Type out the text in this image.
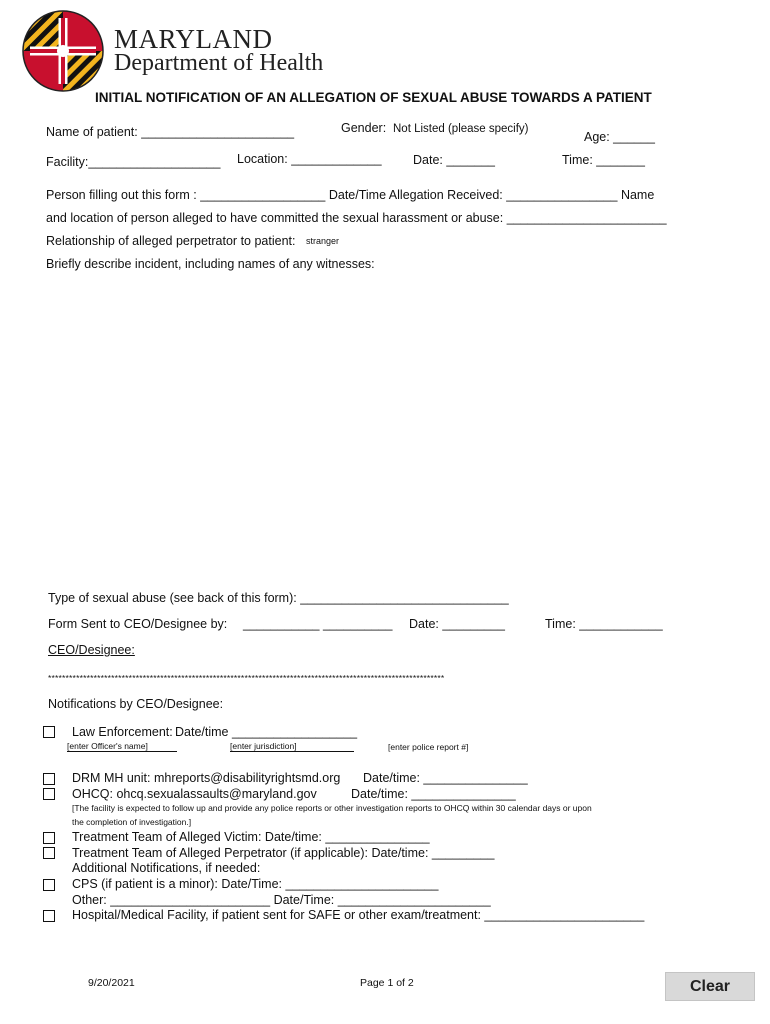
MARYLAND
Department of Health
INITIAL NOTIFICATION OF AN ALLEGATION OF SEXUAL ABUSE TOWARDS A PATIENT
Name of patient: ______________________	Gender: Not Listed (please specify)
Age: ______
Facility:___________________ Location: _____________	Date: _______	Time: _______
Person filling out this form : __________________ Date/Time Allegation Received: ________________ Name
and location of person alleged to have committed the sexual harassment or abuse: _______________________
Relationship of alleged perpetrator to patient: stranger
Briefly describe incident, including names of any witnesses:
Type of sexual abuse (see back of this form): ______________________________
Form Sent to CEO/Designee by: ___________ __________ Date: _________	Time: ____________
CEO/Designee:
*****************************************************************************************************************
Notifications by CEO/Designee:
Law Enforcement: Date/time __________________
[enter Officer's name]	[enter jurisdiction]	[enter police report #]
DRM MH unit: mhreports@disabilityrightsmd.org Date/time: _______________
OHCQ: ohcq.sexualassaults@maryland.gov	Date/time: _______________
[The facility is expected to follow up and provide any police reports or other investigation reports to OHCQ within 30 calendar days or upon
the completion of investigation.]
Treatment Team of Alleged Victim: Date/time: _______________
Treatment Team of Alleged Perpetrator (if applicable): Date/time: _________
Additional Notifications, if needed:
CPS (if patient is a minor): Date/Time: ______________________
Other: _______________________ Date/Time: ______________________
Hospital/Medical Facility, if patient sent for SAFE or other exam/treatment: _______________________
9/20/2021	Page 1 of 2	Clear
